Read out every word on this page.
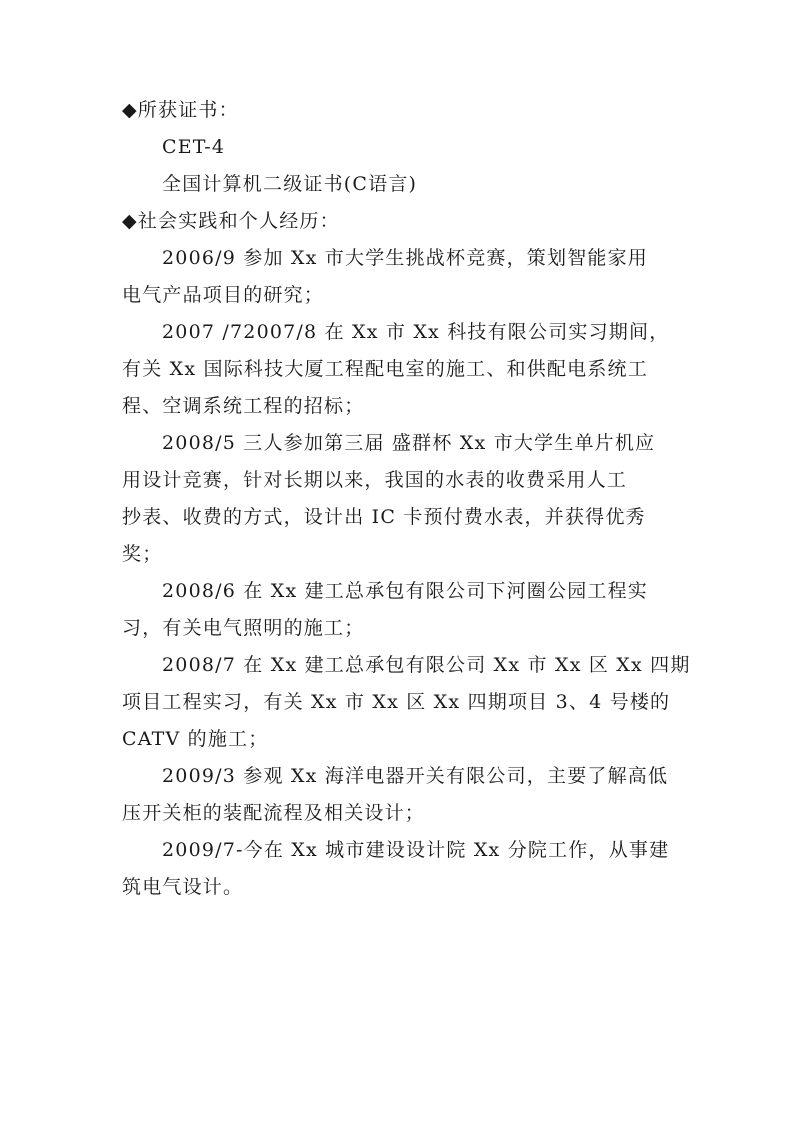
◆所获证书：
CET-4
全国计算机二级证书(C语言)
◆社会实践和个人经历：
2006/9 参加 Xx 市大学生挑战杯竞赛，策划智能家用
电气产品项目的研究；
2007 /72007/8 在 Xx 市 Xx 科技有限公司实习期间，
有关 Xx 国际科技大厦工程配电室的施工、和供配电系统工
程、空调系统工程的招标；
2008/5 三人参加第三届 盛群杯 Xx 市大学生单片机应
用设计竞赛，针对长期以来，我国的水表的收费采用人工
抄表、收费的方式，设计出 IC 卡预付费水表，并获得优秀
奖；
2008/6 在 Xx 建工总承包有限公司下河圈公园工程实
习，有关电气照明的施工；
2008/7 在 Xx 建工总承包有限公司 Xx 市 Xx 区 Xx 四期
项目工程实习，有关 Xx 市 Xx 区 Xx 四期项目 3、4 号楼的
CATV 的施工；
2009/3 参观 Xx 海洋电器开关有限公司，主要了解高低
压开关柜的装配流程及相关设计；
2009/7-今在 Xx 城市建设设计院 Xx 分院工作，从事建
筑电气设计。
